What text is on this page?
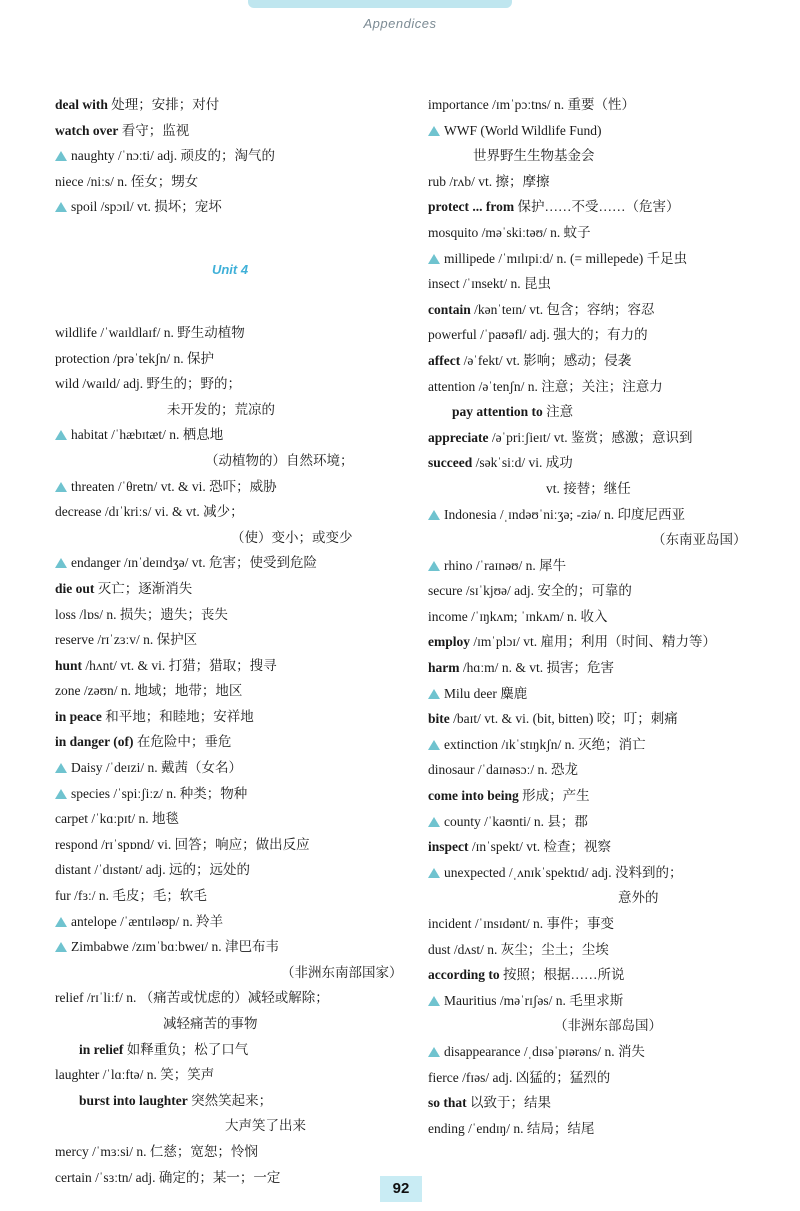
Appendices
deal with 处理；安排；对付
watch over 看守；监视
naughty /ˈnɔːti/ adj. 顽皮的；淘气的
niece /niːs/ n. 侄女；甥女
spoil /spɔɪl/ vt. 损坏；宠坏
Unit 4
wildlife /ˈwaɪldlaɪf/ n. 野生动植物
protection /prəˈtekʃn/ n. 保护
wild /waɪld/ adj. 野生的；野的；
未开发的；荒凉的
habitat /ˈhæbɪtæt/ n. 栖息地
（动植物的）自然环境；
threaten /ˈθretn/ vt. & vi. 恐吓；威胁
decrease /dɪˈkriːs/ vi. & vt. 减少；
（使）变小；或变少
endanger /ɪnˈdeɪndʒə/ vt. 危害；使受到危险
die out 灭亡；逐渐消失
loss /lɒs/ n. 损失；遗失；丧失
reserve /rɪˈzɜːv/ n. 保护区
hunt /hʌnt/ vt. & vi. 打猎；猎取；搜寻
zone /zəʊn/ n. 地域；地带；地区
in peace 和平地；和睦地；安祥地
in danger (of) 在危险中；垂危
Daisy /ˈdeɪzi/ n. 戴茜（女名）
species /ˈspiːʃiːz/ n. 种类；物种
carpet /ˈkɑːpɪt/ n. 地毯
respond /rɪˈspɒnd/ vi. 回答；响应；做出反应
distant /ˈdɪstənt/ adj. 远的；远处的
fur /fɜː/ n. 毛皮；毛；软毛
antelope /ˈæntɪləʊp/ n. 羚羊
Zimbabwe /zɪmˈbɑːbweɪ/ n. 津巴布韦
（非洲东南部国家）
relief /rɪˈliːf/ n. （痛苦或忧虑的）减轻或解除；
减轻痛苦的事物
in relief 如释重负；松了口气
laughter /ˈlɑːftə/ n. 笑；笑声
burst into laughter 突然笑起来；
大声笑了出来
mercy /ˈmɜːsi/ n. 仁慈；宽恕；怜悯
certain /ˈsɜːtn/ adj. 确定的；某一；一定
importance /ɪmˈpɔːtns/ n. 重要（性）
WWF (World Wildlife Fund)
世界野生生物基金会
rub /rʌb/ vt. 擦；摩擦
protect ... from 保护……不受……（危害）
mosquito /məˈskiːtəʊ/ n. 蚊子
millipede /ˈmɪlɪpiːd/ n. (= millepede) 千足虫
insect /ˈɪnsekt/ n. 昆虫
contain /kənˈteɪn/ vt. 包含；容纳；容忍
powerful /ˈpaʊəfl/ adj. 强大的；有力的
affect /əˈfekt/ vt. 影响；感动；侵袭
attention /əˈtenʃn/ n. 注意；关注；注意力
pay attention to 注意
appreciate /əˈpriːʃieɪt/ vt. 鉴赏；感激；意识到
succeed /səkˈsiːd/ vi. 成功
vt. 接替；继任
Indonesia /ˌɪndəʊˈniːʒə; -ziə/ n. 印度尼西亚
（东南亚岛国）
rhino /ˈraɪnəʊ/ n. 犀牛
secure /sɪˈkjʊə/ adj. 安全的；可靠的
income /ˈɪŋkʌm; ˈɪnkʌm/ n. 收入
employ /ɪmˈplɔɪ/ vt. 雇用；利用（时间、精力等）
harm /hɑːm/ n. & vt. 损害；危害
Milu deer 麋鹿
bite /baɪt/ vt. & vi. (bit, bitten) 咬；叮；刺痛
extinction /ɪkˈstɪŋkʃn/ n. 灭绝；消亡
dinosaur /ˈdaɪnəsɔː/ n. 恐龙
come into being 形成；产生
county /ˈkaʊnti/ n. 县；郡
inspect /ɪnˈspekt/ vt. 检查；视察
unexpected /ˌʌnɪkˈspektɪd/ adj. 没料到的；
意外的
incident /ˈɪnsɪdənt/ n. 事件；事变
dust /dʌst/ n. 灰尘；尘土；尘埃
according to 按照；根据……所说
Mauritius /məˈrɪʃəs/ n. 毛里求斯
（非洲东部岛国）
disappearance /ˌdɪsəˈpɪərəns/ n. 消失
fierce /fɪəs/ adj. 凶猛的；猛烈的
so that 以致于；结果
ending /ˈendɪŋ/ n. 结局；结尾
92
